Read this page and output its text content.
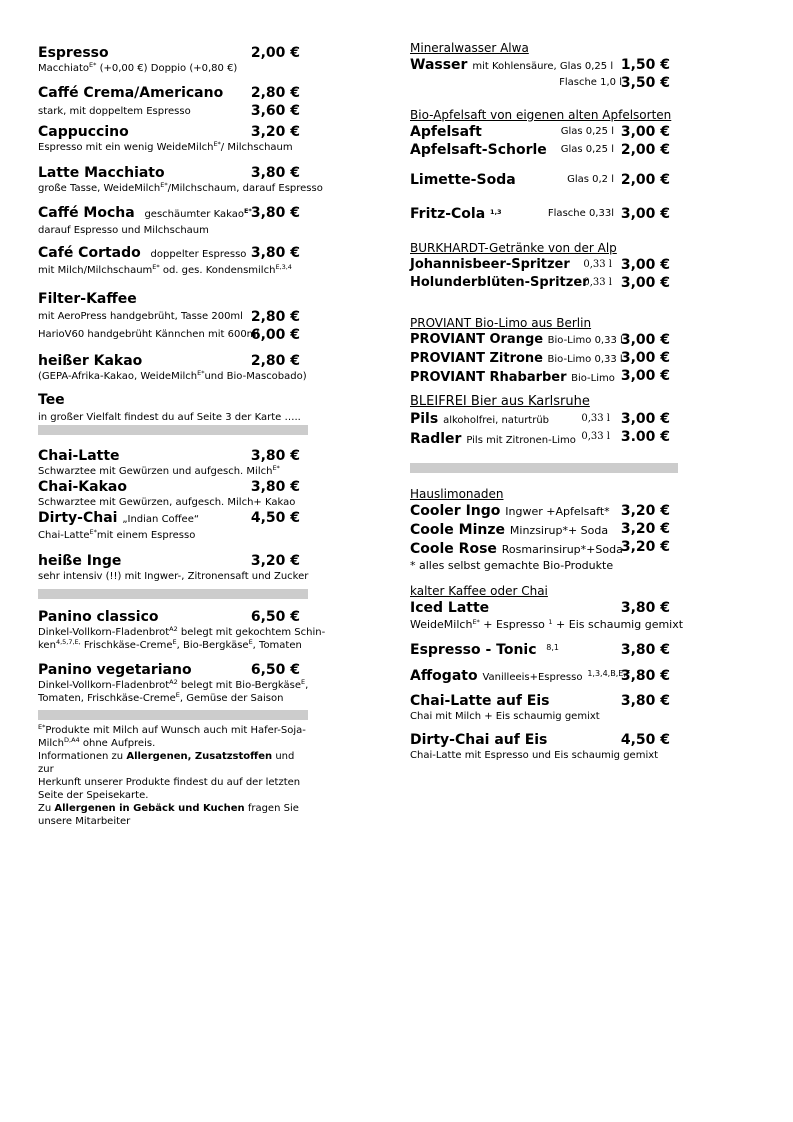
Espresso	2,00 €
Macchiato$^{E*}$ (+0,00 €) Doppio (+0,80 €)
Caffé Crema/Americano	2,80 €
stark, mit doppeltem Espresso	3,60 €
Cappuccino	3,20 €
Espresso mit ein wenig WeideMilch$^{E*}$/ Milchschaum
Latte Macchiato	3,80 €
große Tasse, WeideMilch$^{E*}$/Milchschaum, darauf Espresso
Caffé Mocha geschäumter Kakao$^{E*}$ 3,80 €
darauf Espresso und Milchschaum
Café Cortado doppelter Espresso 3,80 €
mit Milch/Milchschaum$^{E*}$ od. ges. Kondensmilch$^{E,3,4}$
Filter-Kaffee
mit AeroPress handgebrüht, Tasse 200ml 2,80 €
HarioV60 handgebrüht Kännchen mit 600ml
6,00 €
heißer Kakao	2,80 €
(GEPA-Afrika-Kakao, WeideMilch$^{E*}$und Bio-Mascobado)
Tee
in großer Vielfalt findest du auf Seite 3 der Karte …..
Chai-Latte	3,80 €
Schwarztee mit Gewürzen und aufgesch. Milch$^{E*}$
Chai-Kakao	3,80 €
Schwarztee mit Gewürzen, aufgesch. Milch+ Kakao
Dirty-Chai „Indian Coffee“	4,50 €
Chai-Latte$^{E*}$mit einem Espresso
heiße Inge	3,20 €
sehr intensiv (!!) mit Ingwer-, Zitronensaft und Zucker
Panino classico	6,50 €
Dinkel-Vollkorn-Fladenbrot$^{A2}$ belegt mit gekochtem Schin-
ken$^{4,5,7,E,}$ Frischkäse-Creme$^E$, Bio-Bergkäse$^E$, Tomaten
Panino vegetariano	6,50 €
Dinkel-Vollkorn-Fladenbrot$^{A2}$ belegt mit Bio-Bergkäse$^E$,
Tomaten, Frischkäse-Creme$^E$, Gemüse der Saison
$^{E*}$Produkte mit Milch auf Wunsch auch mit Hafer-Soja-
Milch$^{D,A4}$ ohne Aufpreis.
Informationen zu Allergenen, Zusatzstoffen und zur
Herkunft unserer Produkte findest du auf der letzten
Seite der Speisekarte.
Zu Allergenen in Gebäck und Kuchen fragen Sie
unsere Mitarbeiter
Mineralwasser Alwa
Wasser mit Kohlensäure, Glas 0,25 l 1,50 €
Flasche 1,0 l
3,50 €
Bio-Apfelsaft von eigenen alten Apfelsorten
Apfelsaft	Glas 0,25 l 3,00 €
Apfelsaft-Schorle	Glas 0,25 l 2,00 €
Limette-Soda	Glas 0,2 l 2,00 €
Fritz-Cola $^{1,3}$	Flasche 0,33l 3,00 €
BURKHARDT-Getränke von der Alp
Johannisbeer-Spritzer	0,33 l 3,00 €
Holunderblüten-Spritzer
0,33 l 3,00 €
PROVIANT Bio-Limo aus Berlin
PROVIANT Orange Bio-Limo 0,33 l
3,00 €
PROVIANT Zitrone Bio-Limo 0,33 l
3,00 €
PROVIANT Rhabarber Bio-Limo 3,00 €
BLEIFREI Bier aus Karlsruhe
Pils alkoholfrei, naturtrüb	0,33 l 3,00 €
Radler Pils mit Zitronen-Limo 0,33 l 3.00 €
Hauslimonaden
Cooler Ingo Ingwer +Apfelsaft* 3,20 €
Coole Minze Minzsirup*+ Soda 3,20 €
Coole Rose Rosmarinsirup*+Soda
3,20 €
* alles selbst gemachte Bio-Produkte
kalter Kaffee oder Chai
Iced Latte	3,80 €
WeideMilch$^{E*}$ + Espresso $^1$ + Eis schaumig gemixt
Espresso - Tonic $^{8,1}$	3,80 €
Affogato Vanilleeis+Espresso $^{1,3,4,B,E,F}$
3,80 €
Chai-Latte auf Eis	3,80 €
Chai mit Milch + Eis schaumig gemixt
Dirty-Chai auf Eis	4,50 €
Chai-Latte mit Espresso und Eis schaumig gemixt
